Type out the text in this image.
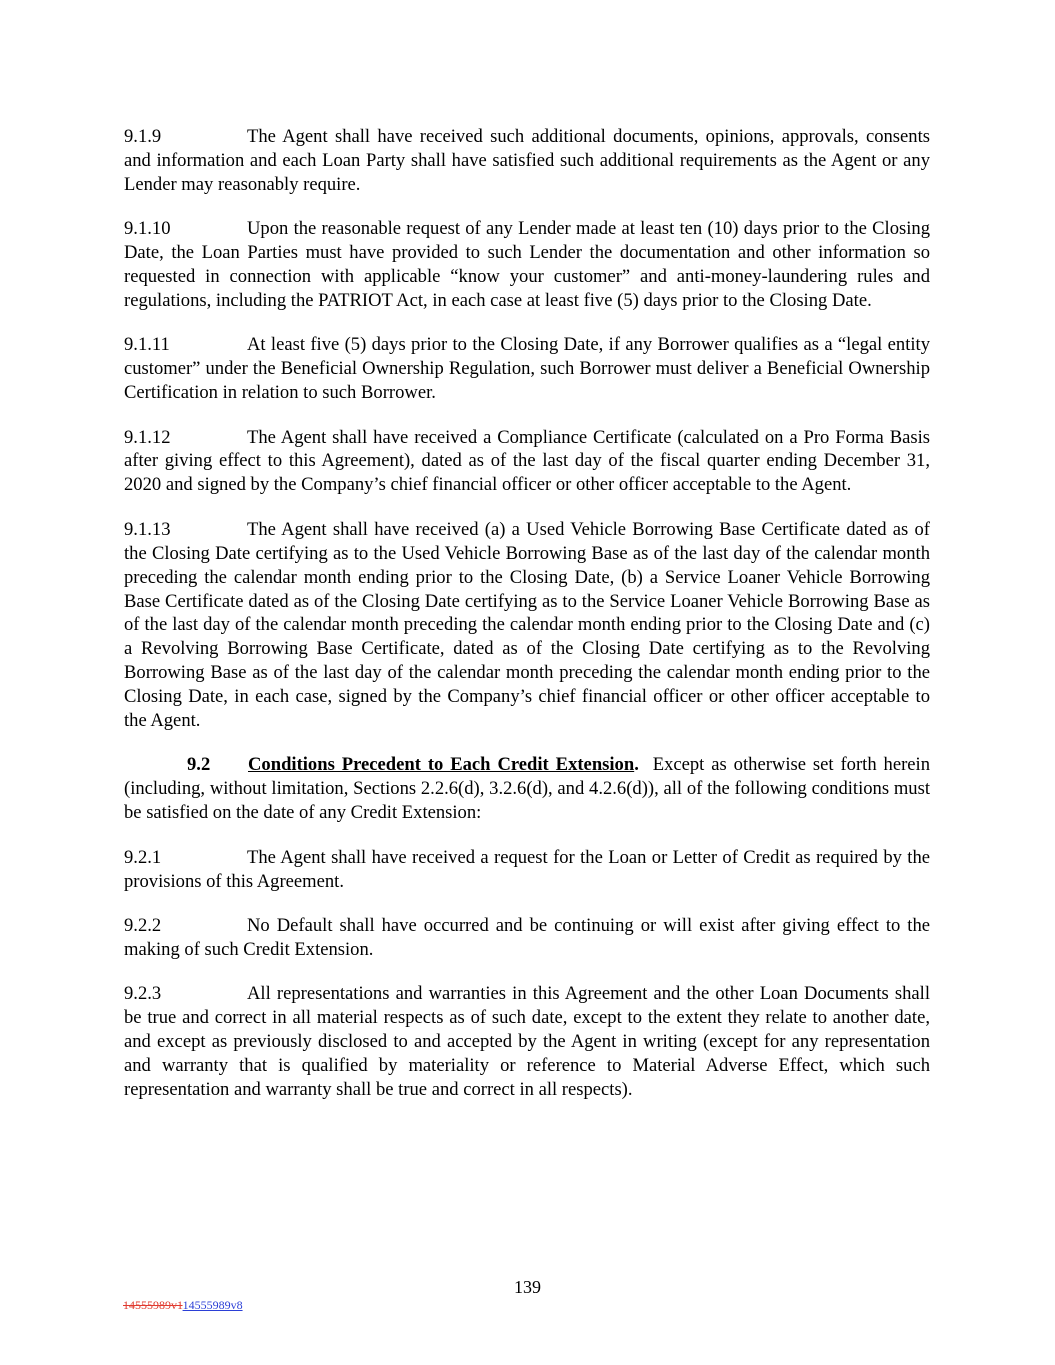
9.1.9	The Agent shall have received such additional documents, opinions, approvals, consents and information and each Loan Party shall have satisfied such additional requirements as the Agent or any Lender may reasonably require.

9.1.10	Upon the reasonable request of any Lender made at least ten (10) days prior to the Closing Date, the Loan Parties must have provided to such Lender the documentation and other information so requested in connection with applicable “know your customer” and anti-money-laundering rules and regulations, including the PATRIOT Act, in each case at least five (5) days prior to the Closing Date.

9.1.11	At least five (5) days prior to the Closing Date, if any Borrower qualifies as a “legal entity customer” under the Beneficial Ownership Regulation, such Borrower must deliver a Beneficial Ownership Certification in relation to such Borrower.

9.1.12	The Agent shall have received a Compliance Certificate (calculated on a Pro Forma Basis after giving effect to this Agreement), dated as of the last day of the fiscal quarter ending December 31, 2020 and signed by the Company’s chief financial officer or other officer acceptable to the Agent.

9.1.13	The Agent shall have received (a) a Used Vehicle Borrowing Base Certificate dated as of the Closing Date certifying as to the Used Vehicle Borrowing Base as of the last day of the calendar month preceding the calendar month ending prior to the Closing Date, (b) a Service Loaner Vehicle Borrowing Base Certificate dated as of the Closing Date certifying as to the Service Loaner Vehicle Borrowing Base as of the last day of the calendar month preceding the calendar month ending prior to the Closing Date and (c) a Revolving Borrowing Base Certificate, dated as of the Closing Date certifying as to the Revolving Borrowing Base as of the last day of the calendar month preceding the calendar month ending prior to the Closing Date, in each case, signed by the Company’s chief financial officer or other officer acceptable to the Agent.

9.2 Conditions Precedent to Each Credit Extension. Except as otherwise set forth herein (including, without limitation, Sections 2.2.6(d), 3.2.6(d), and 4.2.6(d)), all of the following conditions must be satisfied on the date of any Credit Extension:

9.2.1	The Agent shall have received a request for the Loan or Letter of Credit as required by the provisions of this Agreement.

9.2.2	No Default shall have occurred and be continuing or will exist after giving effect to the making of such Credit Extension.

9.2.3	All representations and warranties in this Agreement and the other Loan Documents shall be true and correct in all material respects as of such date, except to the extent they relate to another date, and except as previously disclosed to and accepted by the Agent in writing (except for any representation and warranty that is qualified by materiality or reference to Material Adverse Effect, which such representation and warranty shall be true and correct in all respects).

139
14555989v114555989v8
